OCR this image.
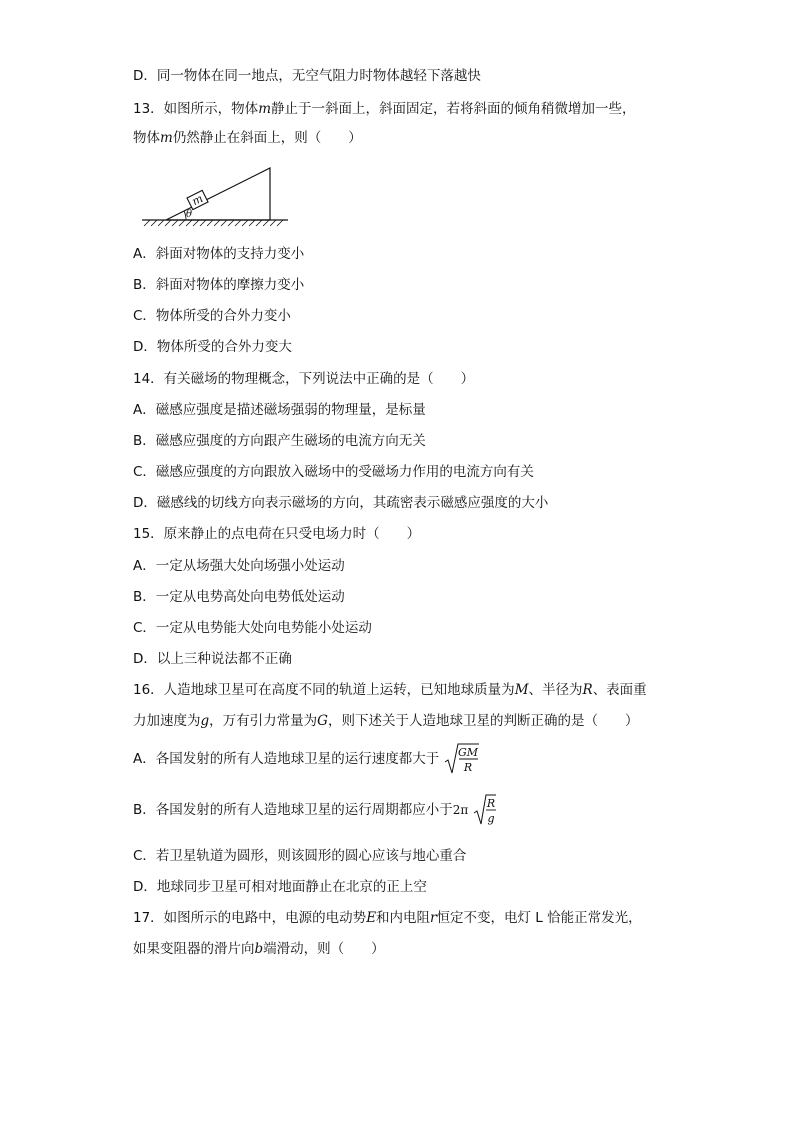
D．同一物体在同一地点，无空气阻力时物体越轻下落越快
13．如图所示，物体m静止于一斜面上，斜面固定，若将斜面的倾角稍微增加一些，
物体m仍然静止在斜面上，则（　　）
θ
m
A．斜面对物体的支持力变小
B．斜面对物体的摩擦力变小
C．物体所受的合外力变小
D．物体所受的合外力变大
14．有关磁场的物理概念，下列说法中正确的是（　　）
A．磁感应强度是描述磁场强弱的物理量，是标量
B．磁感应强度的方向跟产生磁场的电流方向无关
C．磁感应强度的方向跟放入磁场中的受磁场力作用的电流方向有关
D．磁感线的切线方向表示磁场的方向，其疏密表示磁感应强度的大小
15．原来静止的点电荷在只受电场力时（　　）
A．一定从场强大处向场强小处运动
B．一定从电势高处向电势低处运动
C．一定从电势能大处向电势能小处运动
D．以上三种说法都不正确
16．人造地球卫星可在高度不同的轨道上运转，已知地球质量为M、半径为R、表面重
力加速度为g，万有引力常量为G，则下述关于人造地球卫星的判断正确的是（　　）
A．各国发射的所有人造地球卫星的运行速度都大于 GM
R
B．各国发射的所有人造地球卫星的运行周期都应小于2π R
g
C．若卫星轨道为圆形，则该圆形的圆心应该与地心重合
D．地球同步卫星可相对地面静止在北京的正上空
17．如图所示的电路中，电源的电动势E和内电阻r恒定不变，电灯 L 恰能正常发光，
如果变阻器的滑片向b端滑动，则（　　）
